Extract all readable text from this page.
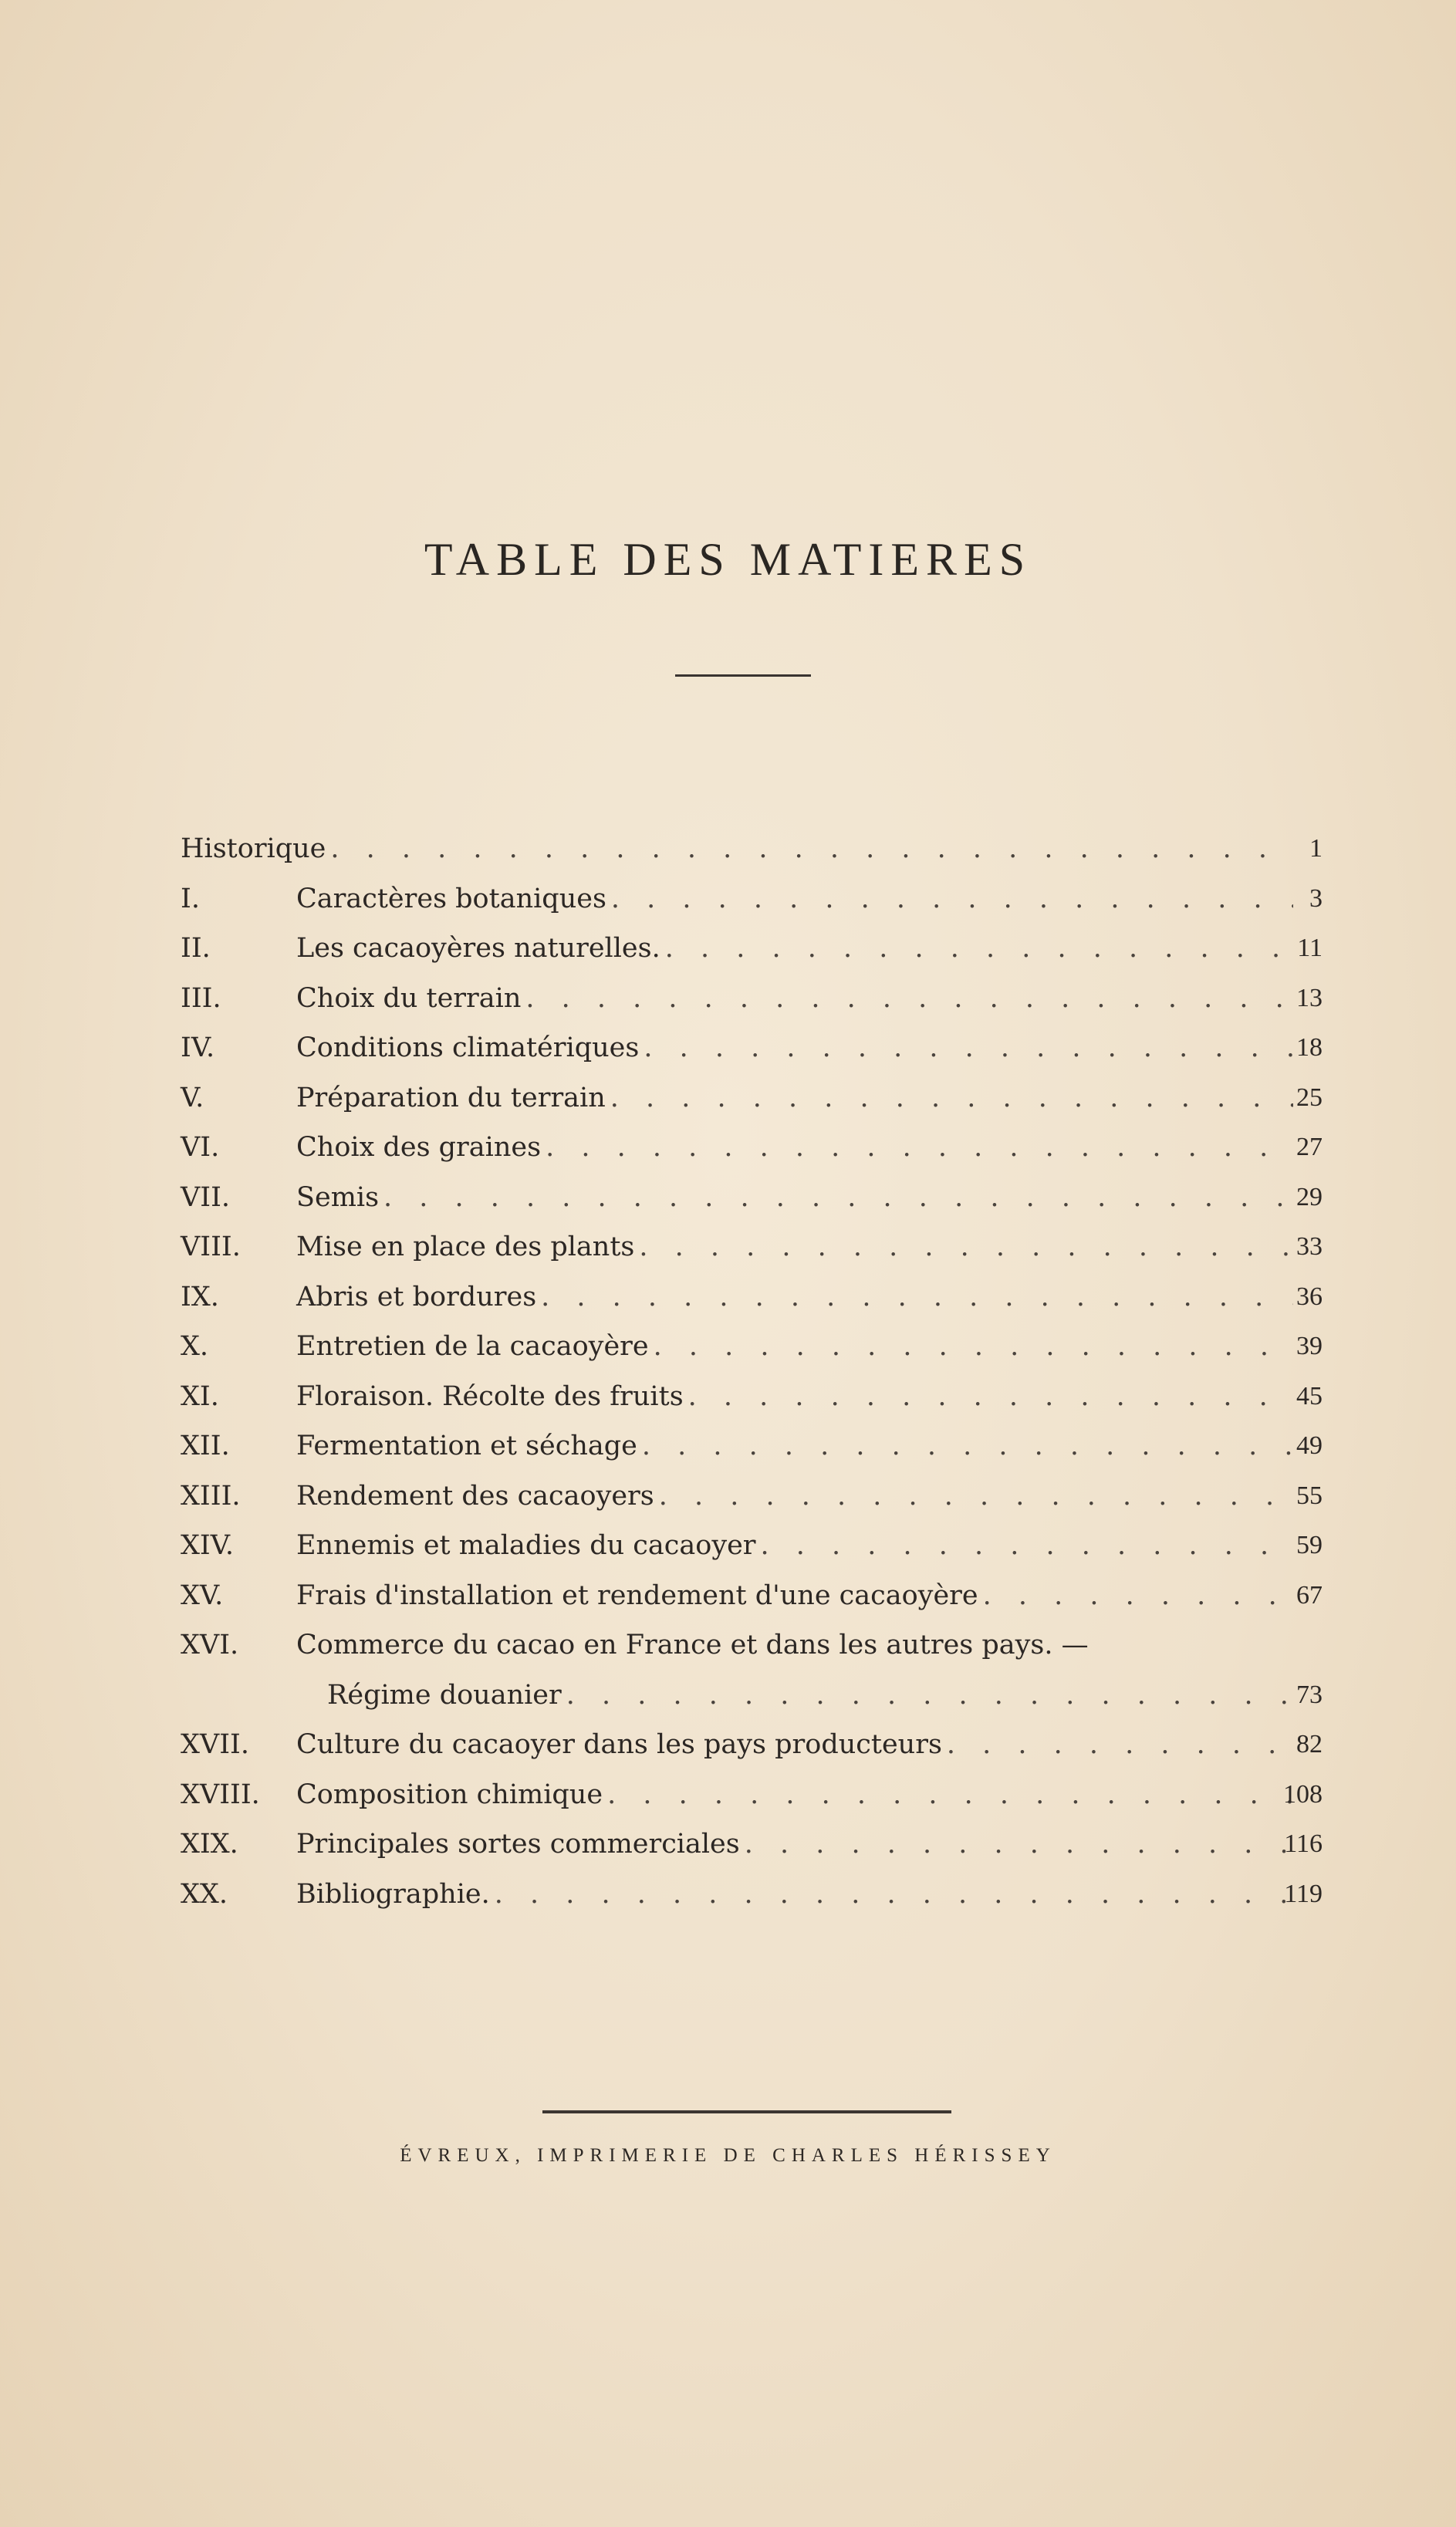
TABLE DES MATIERES
Historique . . .	1
I.	Caractères botaniques . . .	3
II.	Les cacaoyères naturelles. . . .	11
III.	Choix du terrain . . .	13
IV.	Conditions climatériques . . .	18
V.	Préparation du terrain . . .	25
VI.	Choix des graines . . .	27
VII. Semis . . .	29
VIII. Mise en place des plants . . .	33
IX.	Abris et bordures . . .	36
X.	Entretien de la cacaoyère . . .	39
XI.	Floraison. Récolte des fruits . . .	45
XII. Fermentation et séchage . . .	49
XIII. Rendement des cacaoyers . . .	55
XIV. Ennemis et maladies du cacaoyer . . .	59
XV.	Frais d'installation et rendement d'une cacaoyère . . .	67
XVI. Commerce du cacao en France et dans les autres pays. —
Régime douanier . . .	73
XVII. Culture du cacaoyer dans les pays producteurs . . .	82
XVIII. Composition chimique . . .	108
XIX. Principales sortes commerciales . . .	116
XX.	Bibliographie. . . .	119
ÉVREUX, IMPRIMERIE DE CHARLES HÉRISSEY
